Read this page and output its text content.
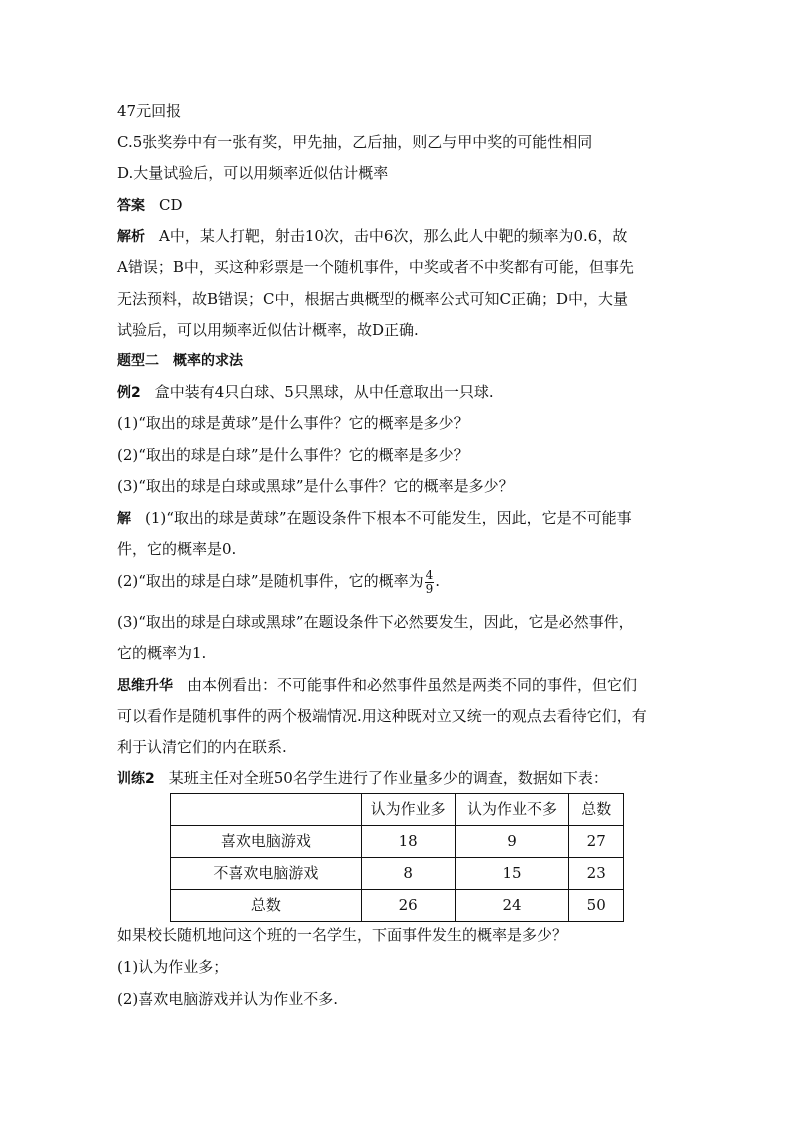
47元回报
C.5张奖券中有一张有奖，甲先抽，乙后抽，则乙与甲中奖的可能性相同
D.大量试验后，可以用频率近似估计概率
答案 CD
解析 A中，某人打靶，射击10次，击中6次，那么此人中靶的频率为0.6，故
A错误；B中，买这种彩票是一个随机事件，中奖或者不中奖都有可能，但事先
无法预料，故B错误；C中，根据古典概型的概率公式可知C正确；D中，大量
试验后，可以用频率近似估计概率，故D正确.
题型二　概率的求法
例2 盒中装有4只白球、5只黑球，从中任意取出一只球.
(1)“取出的球是黄球”是什么事件？它的概率是多少？
(2)“取出的球是白球”是什么事件？它的概率是多少？
(3)“取出的球是白球或黑球”是什么事件？它的概率是多少？
解 (1)“取出的球是黄球”在题设条件下根本不可能发生，因此，它是不可能事
件，它的概率是0.
(2)“取出的球是白球”是随机事件，它的概率为 $\frac{4}{9}$ .
(3)“取出的球是白球或黑球”在题设条件下必然要发生，因此，它是必然事件，
它的概率为1.
思维升华 由本例看出：不可能事件和必然事件虽然是两类不同的事件，但它们
可以看作是随机事件的两个极端情况.用这种既对立又统一的观点去看待它们，有
利于认清它们的内在联系.
训练2 某班主任对全班50名学生进行了作业量多少的调查，数据如下表：
	认为作业多	认为作业不多	总数
喜欢电脑游戏	18	9	27
不喜欢电脑游戏	8	15	23
总数	26	24	50
如果校长随机地问这个班的一名学生，下面事件发生的概率是多少？
(1)认为作业多；
(2)喜欢电脑游戏并认为作业不多.
